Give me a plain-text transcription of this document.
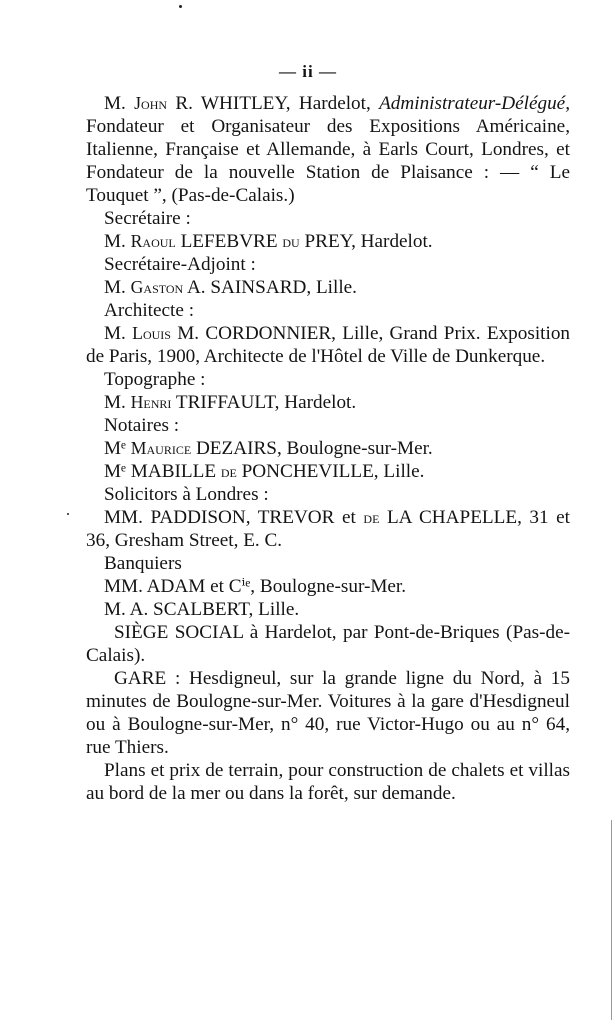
— ii —

M. John R. WHITLEY, Hardelot, Administrateur-Délégué, Fondateur et Organisateur des Expositions Américaine, Italienne, Française et Allemande, à Earls Court, Londres, et Fondateur de la nouvelle Station de Plaisance : — “ Le Touquet ”, (Pas-de-Calais.)

Secrétaire :

M. Raoul LEFEBVRE du PREY, Hardelot.

Secrétaire-Adjoint :

M. Gaston A. SAINSARD, Lille.

Architecte :

M. Louis M. CORDONNIER, Lille, Grand Prix. Exposition de Paris, 1900, Architecte de l'Hôtel de Ville de Dunkerque.

Topographe :

M. Henri TRIFFAULT, Hardelot.

Notaires :

Mᵉ Maurice DEZAIRS, Boulogne-sur-Mer.

Mᵉ MABILLE de PONCHEVILLE, Lille.

Solicitors à Londres :

MM. PADDISON, TREVOR et de LA CHAPELLE, 31 et 36, Gresham Street, E. C.

Banquiers

MM. ADAM et Cⁱᵉ, Boulogne-sur-Mer.

M. A. SCALBERT, Lille.

SIÈGE SOCIAL à Hardelot, par Pont-de-Briques (Pas-de-Calais).

GARE : Hesdigneul, sur la grande ligne du Nord, à 15 minutes de Boulogne-sur-Mer. Voitures à la gare d'Hesdigneul ou à Boulogne-sur-Mer, n° 40, rue Victor-Hugo ou au n° 64, rue Thiers.

Plans et prix de terrain, pour construction de chalets et villas au bord de la mer ou dans la forêt, sur demande.
